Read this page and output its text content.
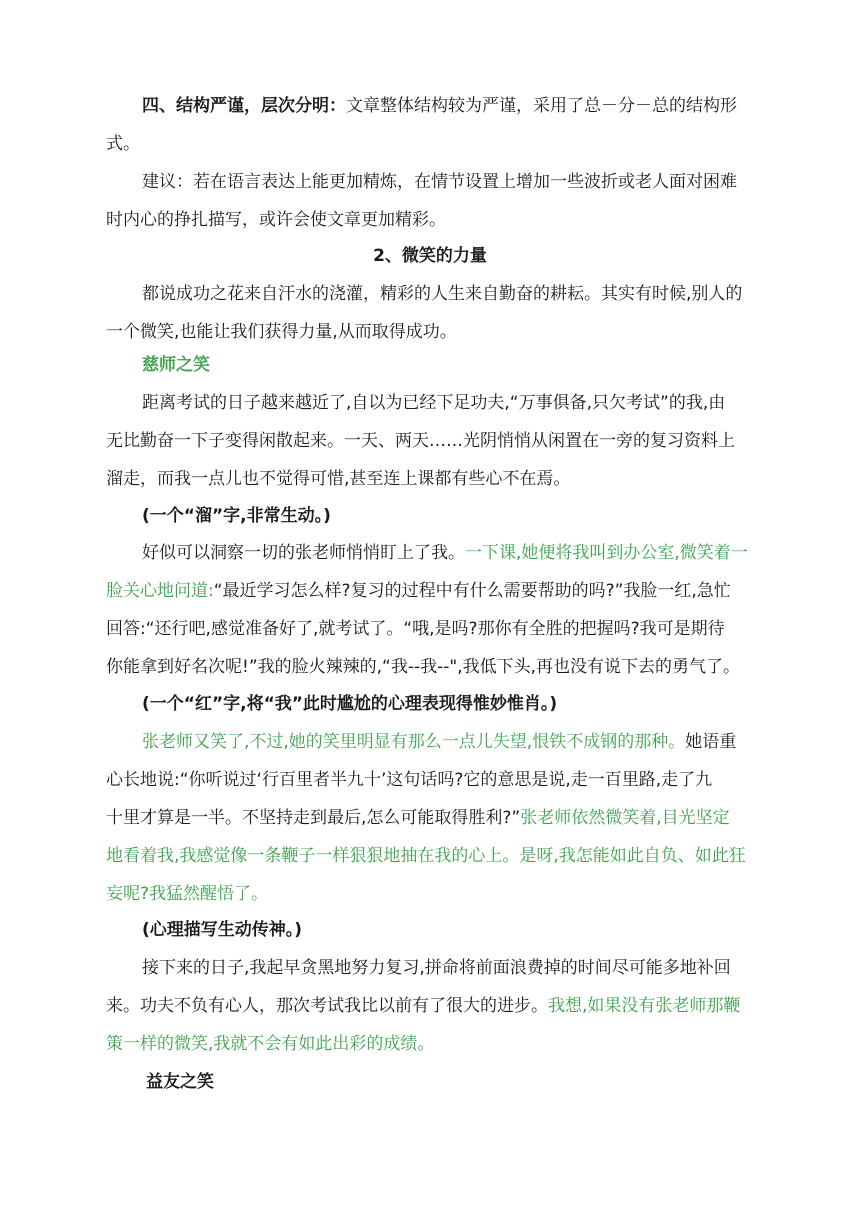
四、结构严谨，层次分明：文章整体结构较为严谨，采用了总－分－总的结构形
式。
建议：若在语言表达上能更加精炼，在情节设置上增加一些波折或老人面对困难
时内心的挣扎描写，或许会使文章更加精彩。
2、微笑的力量
都说成功之花来自汗水的浇灌，精彩的人生来自勤奋的耕耘。其实有时候,别人的
一个微笑,也能让我们获得力量,从而取得成功。
慈师之笑
距离考试的日子越来越近了,自以为已经下足功夫,“万事俱备,只欠考试”的我,由
无比勤奋一下子变得闲散起来。一天、两天……光阴悄悄从闲置在一旁的复习资料上
溜走，而我一点儿也不觉得可惜,甚至连上课都有些心不在焉。
(一个“溜”字,非常生动。)
好似可以洞察一切的张老师悄悄盯上了我。一下课,她便将我叫到办公室,微笑着一
脸关心地问道:“最近学习怎么样?复习的过程中有什么需要帮助的吗?”我脸一红,急忙
回答:“还行吧,感觉准备好了,就考试了。“哦,是吗?那你有全胜的把握吗?我可是期待
你能拿到好名次呢!”我的脸火辣辣的,“我--我--",我低下头,再也没有说下去的勇气了。
(一个“红”字,将“我”此时尴尬的心理表现得惟妙惟肖。)
张老师又笑了,不过,她的笑里明显有那么一点儿失望,恨铁不成钢的那种。她语重
心长地说:“你听说过‘行百里者半九十’这句话吗?它的意思是说,走一百里路,走了九
十里才算是一半。不坚持走到最后,怎么可能取得胜利?”张老师依然微笑着,目光坚定
地看着我,我感觉像一条鞭子一样狠狠地抽在我的心上。是呀,我怎能如此自负、如此狂
妄呢?我猛然醒悟了。
(心理描写生动传神。)
接下来的日子,我起早贪黑地努力复习,拼命将前面浪费掉的时间尽可能多地补回
来。功夫不负有心人，那次考试我比以前有了很大的进步。我想,如果没有张老师那鞭
策一样的微笑,我就不会有如此出彩的成绩。
益友之笑
